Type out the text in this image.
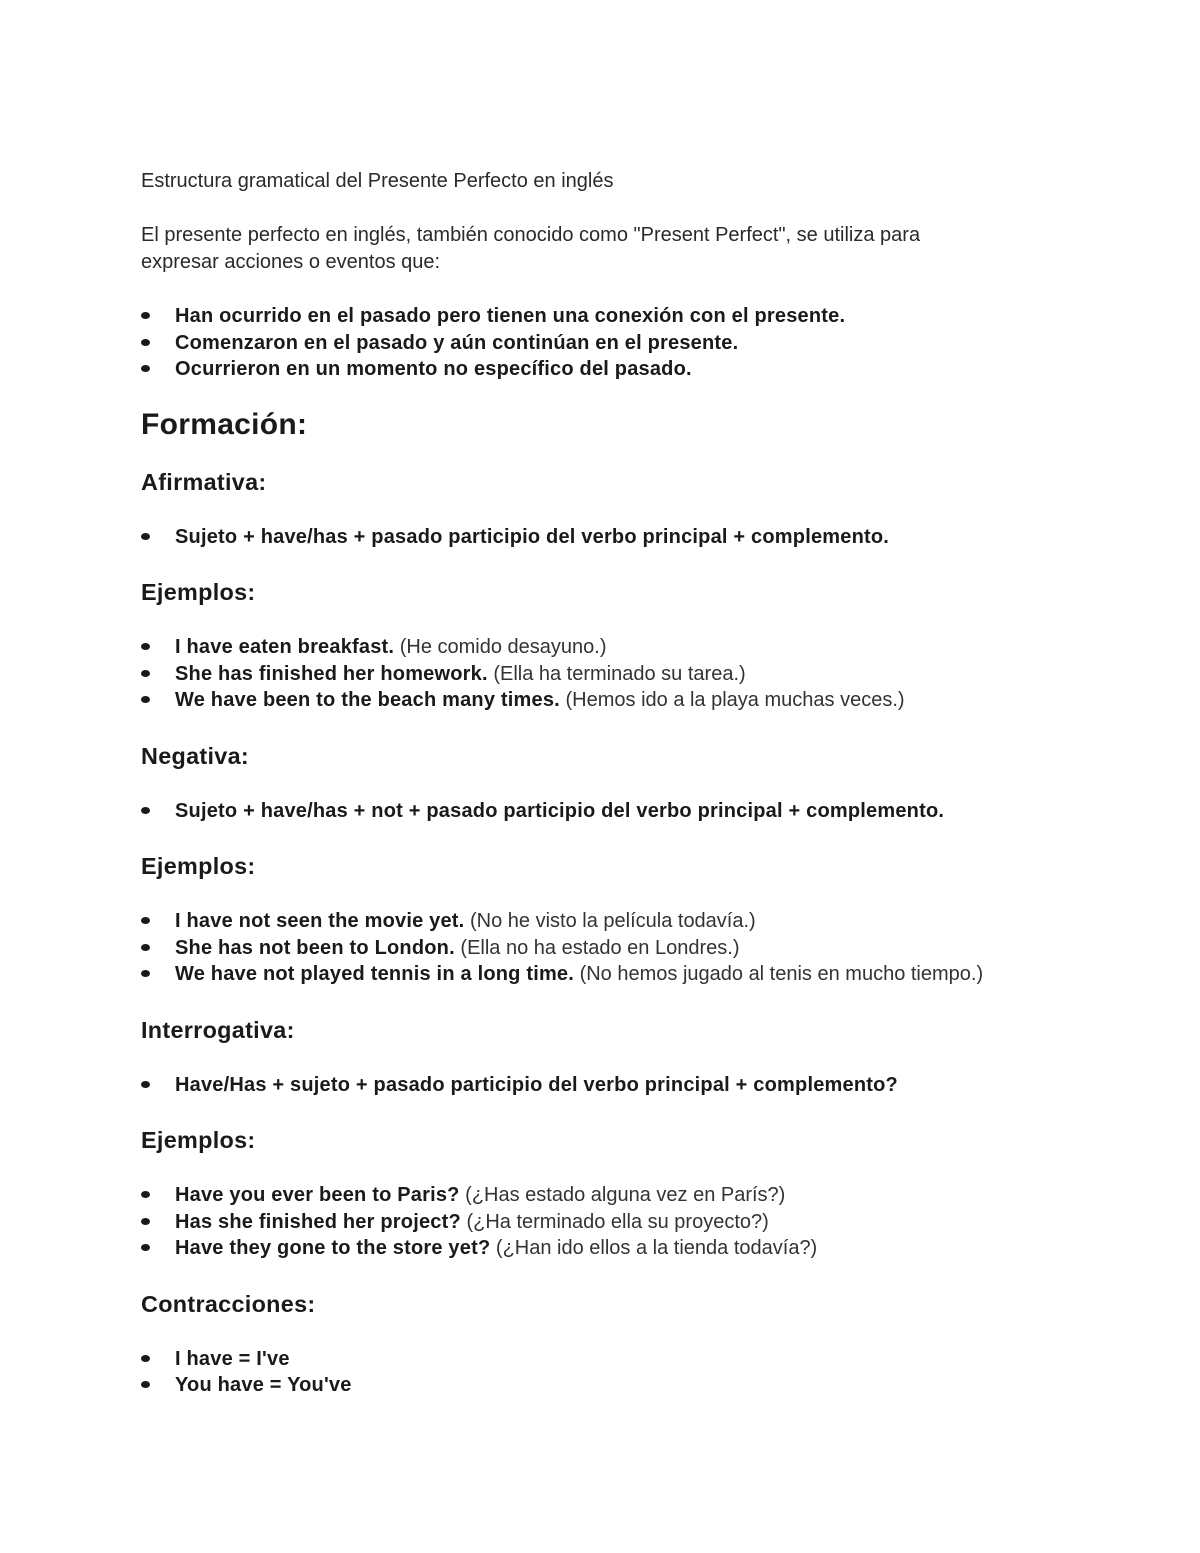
Estructura gramatical del Presente Perfecto en inglés

El presente perfecto en inglés, también conocido como "Present Perfect", se utiliza para
expresar acciones o eventos que:

Han ocurrido en el pasado pero tienen una conexión con el presente.
Comenzaron en el pasado y aún continúan en el presente.
Ocurrieron en un momento no específico del pasado.
Formación:
Afirmativa:
Sujeto + have/has + pasado participio del verbo principal + complemento.
Ejemplos:
I have eaten breakfast. (He comido desayuno.)
She has finished her homework. (Ella ha terminado su tarea.)
We have been to the beach many times. (Hemos ido a la playa muchas veces.)
Negativa:
Sujeto + have/has + not + pasado participio del verbo principal + complemento.
Ejemplos:
I have not seen the movie yet. (No he visto la película todavía.)
She has not been to London. (Ella no ha estado en Londres.)
We have not played tennis in a long time. (No hemos jugado al tenis en mucho tiempo.)
Interrogativa:
Have/Has + sujeto + pasado participio del verbo principal + complemento?
Ejemplos:
Have you ever been to Paris? (¿Has estado alguna vez en París?)
Has she finished her project? (¿Ha terminado ella su proyecto?)
Have they gone to the store yet? (¿Han ido ellos a la tienda todavía?)
Contracciones:
I have = I've
You have = You've
